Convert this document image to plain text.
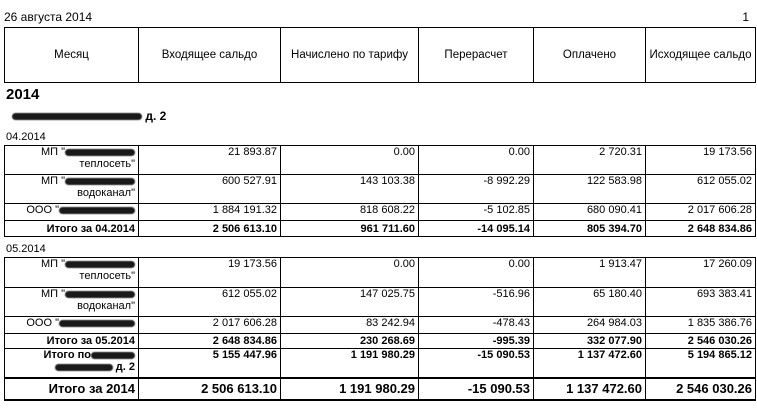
26 августа 2014	1
Месяц	Входящее сальдо	Начислено по тарифу	Перерасчет	Оплачено	Исходящее сальдо
2014
д. 2
04.2014
МП "
теплосеть"	21 893.87	0.00	0.00	2 720.31	19 173.56
МП "
водоканал"	600 527.91	143 103.38	-8 992.29	122 583.98	612 055.02
ООО "	1 884 191.32	818 608.22	-5 102.85	680 090.41	2 017 606.28
Итого за 04.2014	2 506 613.10	961 711.60	-14 095.14	805 394.70	2 648 834.86
05.2014
МП "
теплосеть"	19 173.56	0.00	0.00	1 913.47	17 260.09
МП "
водоканал"	612 055.02	147 025.75	-516.96	65 180.40	693 383.41
ООО "	2 017 606.28	83 242.94	-478.43	264 984.03	1 835 386.76
Итого за 05.2014	2 648 834.86	230 268.69	-995.39	332 077.90	2 546 030.26
Итого по
д. 2	5 155 447.96	1 191 980.29	-15 090.53	1 137 472.60	5 194 865.12
Итого за 2014	2 506 613.10	1 191 980.29	-15 090.53	1 137 472.60	2 546 030.26
